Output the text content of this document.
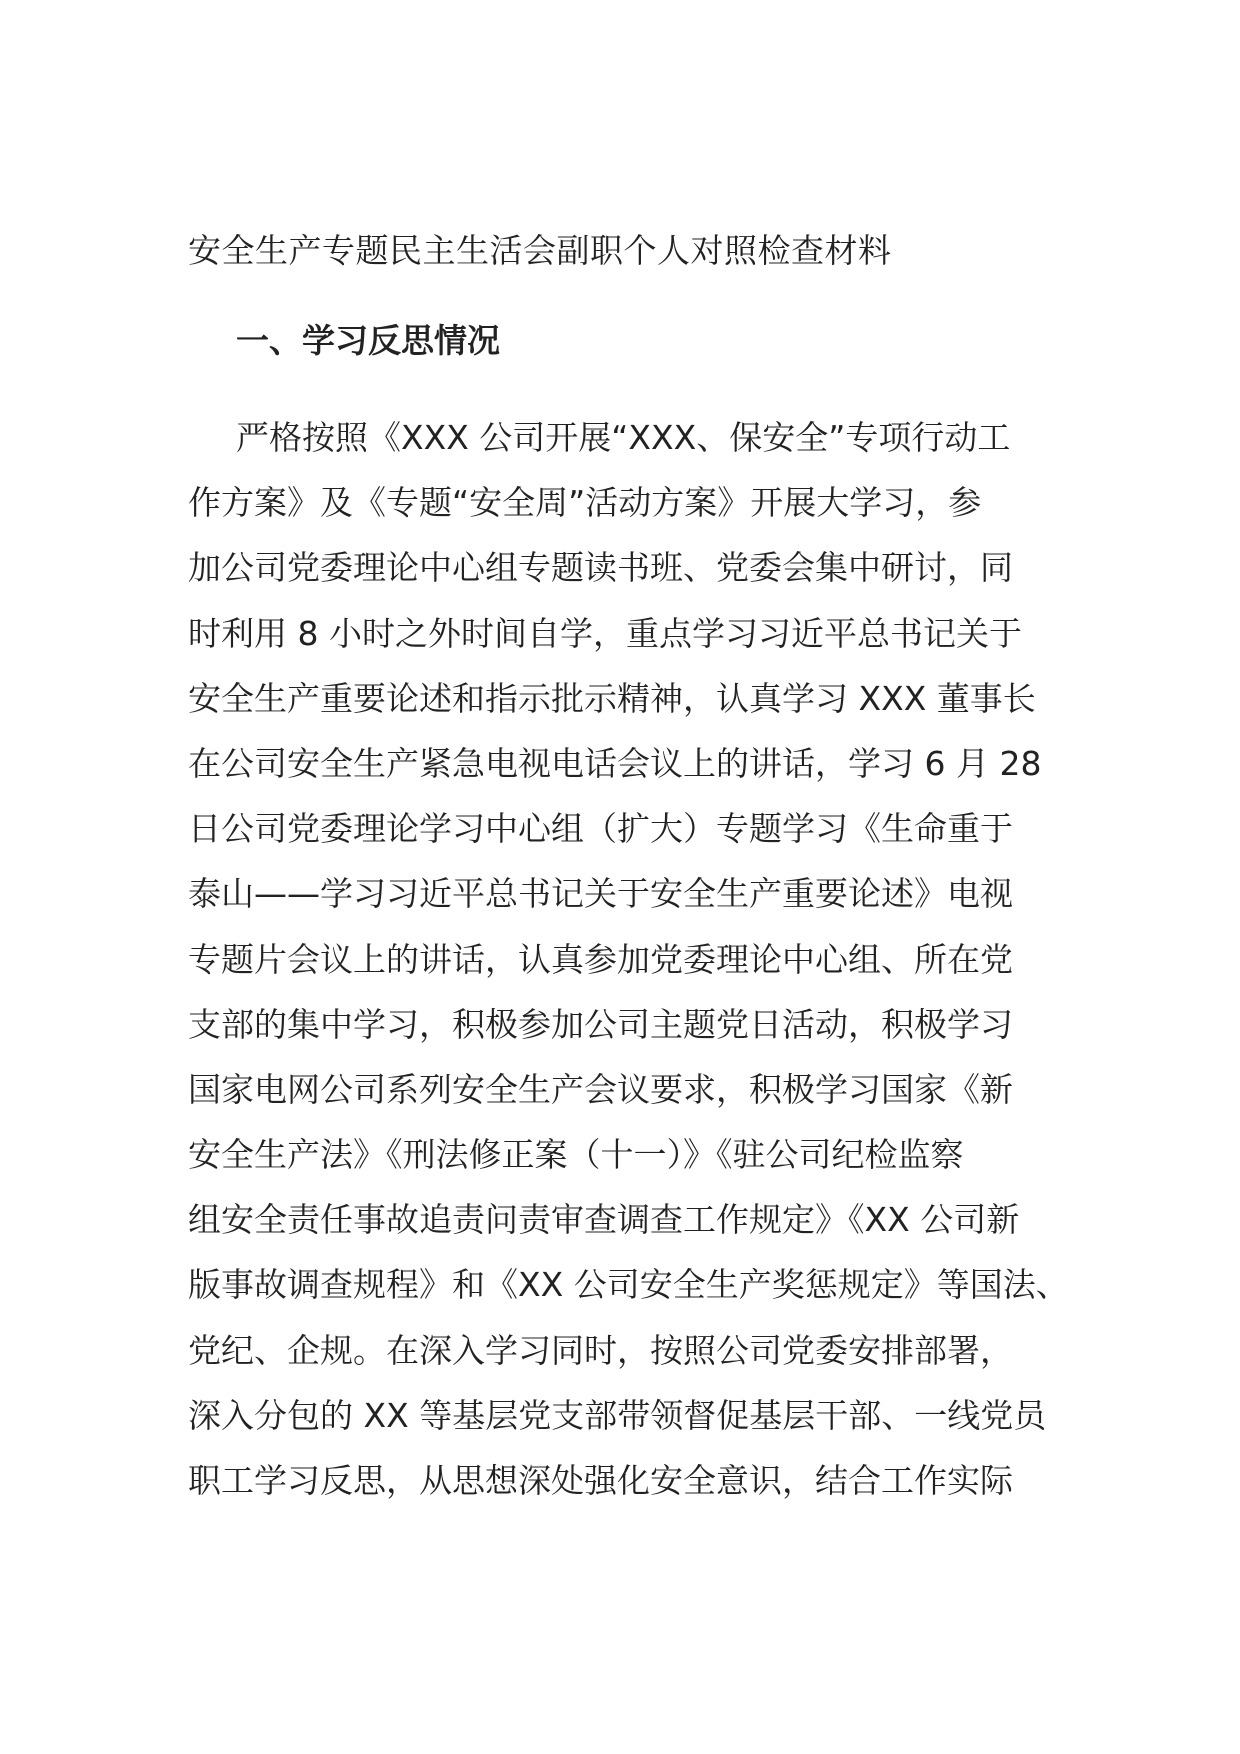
安全生产专题民主生活会副职个人对照检查材料
一、学习反思情况
严格按照《XXX 公司开展“XXX、保安全”专项行动工
作方案》及《专题“安全周”活动方案》开展大学习，参
加公司党委理论中心组专题读书班、党委会集中研讨，同
时利用 8 小时之外时间自学，重点学习习近平总书记关于
安全生产重要论述和指示批示精神，认真学习 XXX 董事长
在公司安全生产紧急电视电话会议上的讲话，学习 6 月 28
日公司党委理论学习中心组（扩大）专题学习《生命重于
泰山——学习习近平总书记关于安全生产重要论述》电视
专题片会议上的讲话，认真参加党委理论中心组、所在党
支部的集中学习，积极参加公司主题党日活动，积极学习
国家电网公司系列安全生产会议要求，积极学习国家《新
安全生产法》《刑法修正案（十一）》《驻公司纪检监察
组安全责任事故追责问责审查调查工作规定》《XX 公司新
版事故调查规程》和《XX 公司安全生产奖惩规定》等国法、
党纪、企规。在深入学习同时，按照公司党委安排部署，
深入分包的 XX 等基层党支部带领督促基层干部、一线党员
职工学习反思，从思想深处强化安全意识，结合工作实际
